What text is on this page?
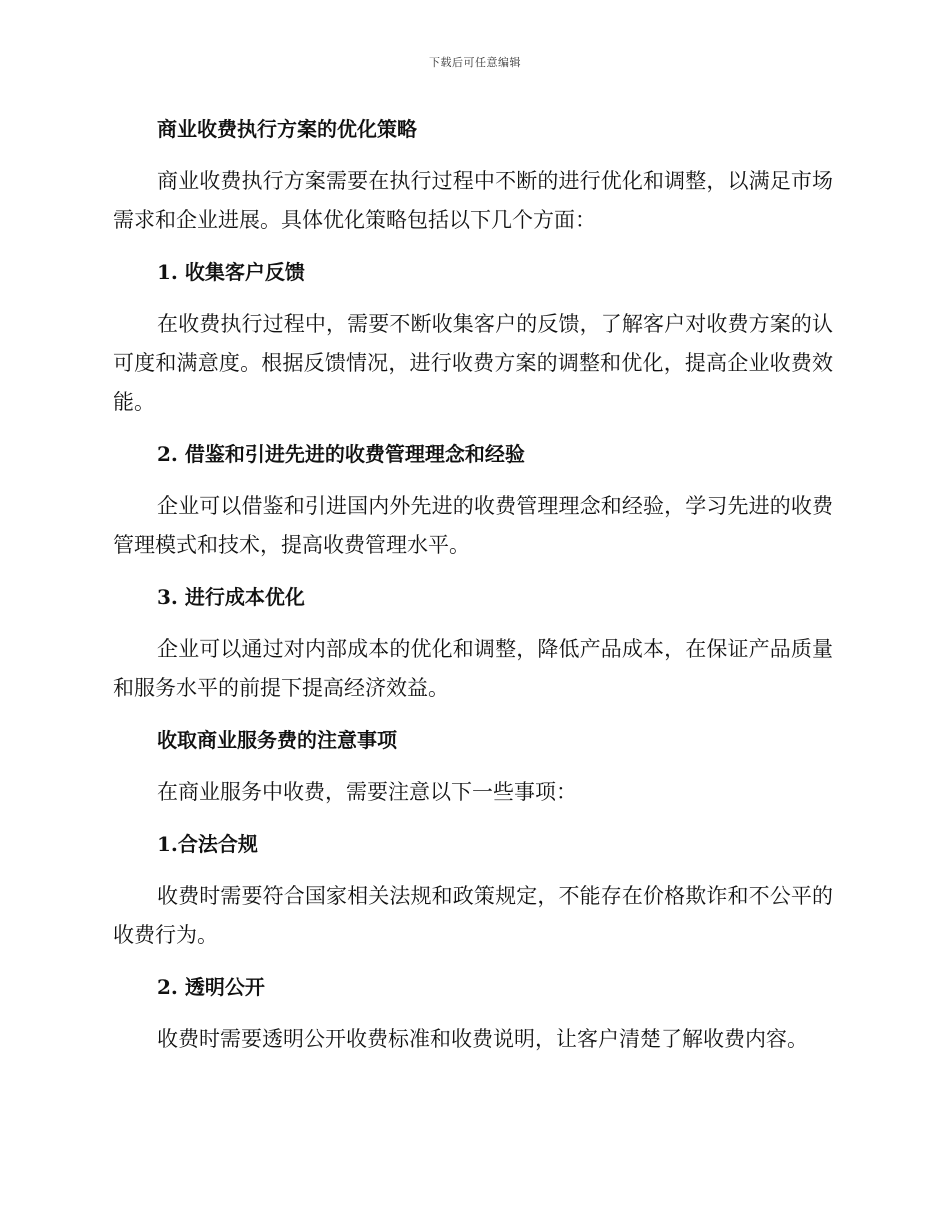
下载后可任意编辑
商业收费执行方案的优化策略
商业收费执行方案需要在执行过程中不断的进行优化和调整，以满足市场需求和企业进展。具体优化策略包括以下几个方面：
1. 收集客户反馈
在收费执行过程中，需要不断收集客户的反馈，了解客户对收费方案的认可度和满意度。根据反馈情况，进行收费方案的调整和优化，提高企业收费效能。
2. 借鉴和引进先进的收费管理理念和经验
企业可以借鉴和引进国内外先进的收费管理理念和经验，学习先进的收费管理模式和技术，提高收费管理水平。
3. 进行成本优化
企业可以通过对内部成本的优化和调整，降低产品成本，在保证产品质量和服务水平的前提下提高经济效益。
收取商业服务费的注意事项
在商业服务中收费，需要注意以下一些事项：
1.合法合规
收费时需要符合国家相关法规和政策规定，不能存在价格欺诈和不公平的收费行为。
2. 透明公开
收费时需要透明公开收费标准和收费说明，让客户清楚了解收费内容。
